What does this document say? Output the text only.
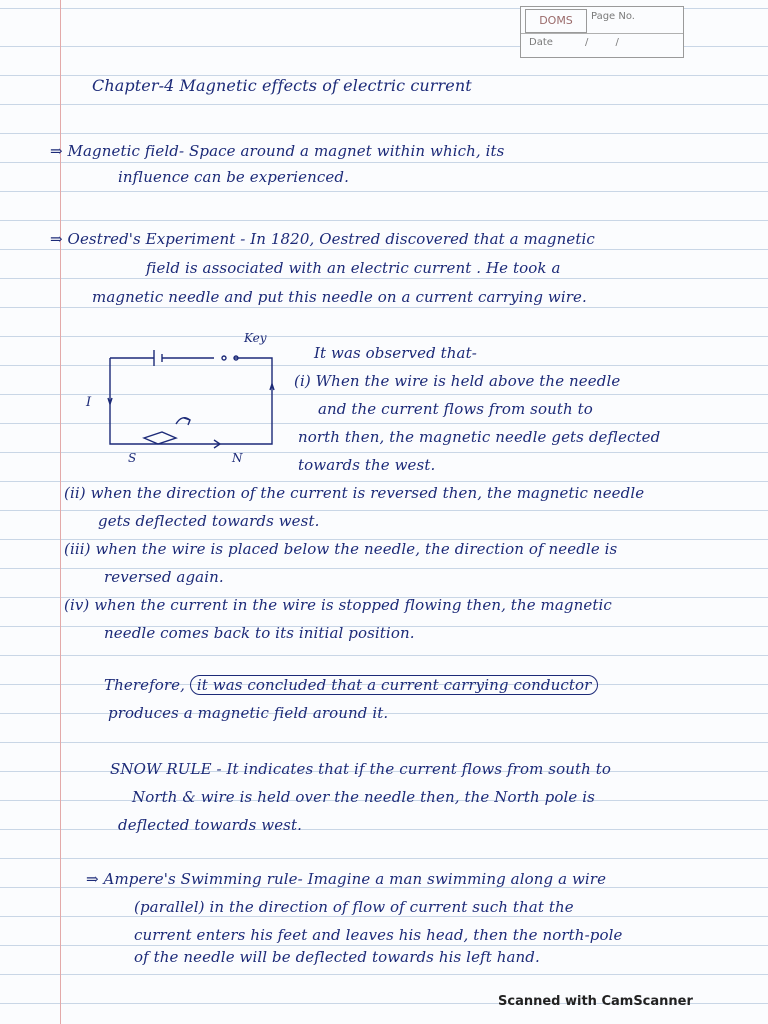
DOMS	Page No.
Date	/ /
Chapter-4 Magnetic effects of electric current
⇒ Magnetic field- Space around a magnet within which, its
influence can be experienced.
⇒ Oestred's Experiment - In 1820, Oestred discovered that a magnetic
field is associated with an electric current . He took a
magnetic needle and put this needle on a current carrying wire.
Key
I
S	N
It was observed that-
(i) When the wire is held above the needle
and the current flows from south to
north then, the magnetic needle gets deflected
towards the west.
(ii) when the direction of the current is reversed then, the magnetic needle
gets deflected towards west.
(iii) when the wire is placed below the needle, the direction of needle is
reversed again.
(iv) when the current in the wire is stopped flowing then, the magnetic
needle comes back to its initial position.
Therefore, it was concluded that a current carrying conductor
produces a magnetic field around it.
SNOW RULE - It indicates that if the current flows from south to
North & wire is held over the needle then, the North pole is
deflected towards west.
⇒ Ampere's Swimming rule- Imagine a man swimming along a wire
(parallel) in the direction of flow of current such that the
current enters his feet and leaves his head, then the north-pole
of the needle will be deflected towards his left hand.
Scanned with CamScanner
